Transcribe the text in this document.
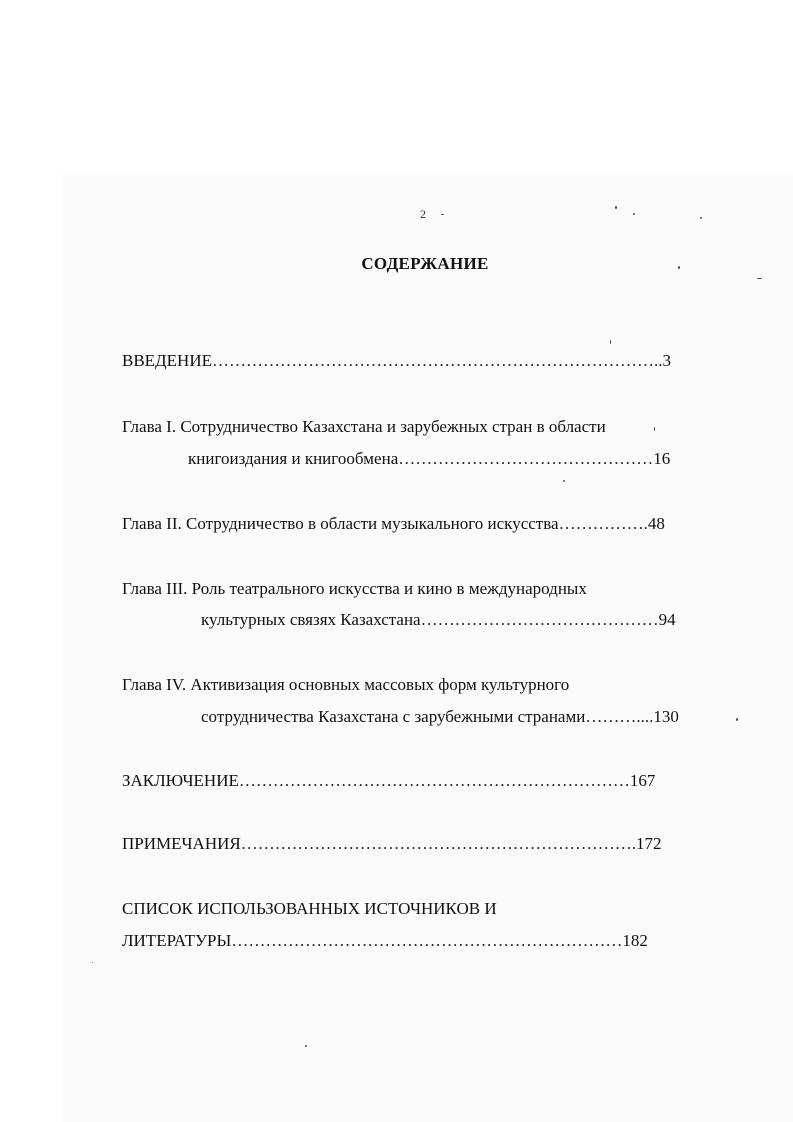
2
СОДЕРЖАНИЕ
ВВЕДЕНИЕ……………………………………………………………………..3
Глава I. Сотрудничество Казахстана и зарубежных стран в области
книгоиздания и книгообмена………………………………………16
Глава II. Сотрудничество в области музыкального искусства…………….48
Глава III. Роль театрального искусства и кино в международных
культурных связях Казахстана……………………………………94
Глава IV. Активизация основных массовых форм культурного
сотрудничества Казахстана с зарубежными странами………....130
ЗАКЛЮЧЕНИЕ……………………………………………………………167
ПРИМЕЧАНИЯ…………………………………………………………….172
СПИСОК ИСПОЛЬЗОВАННЫХ ИСТОЧНИКОВ И
ЛИТЕРАТУРЫ……………………………………………………………182
